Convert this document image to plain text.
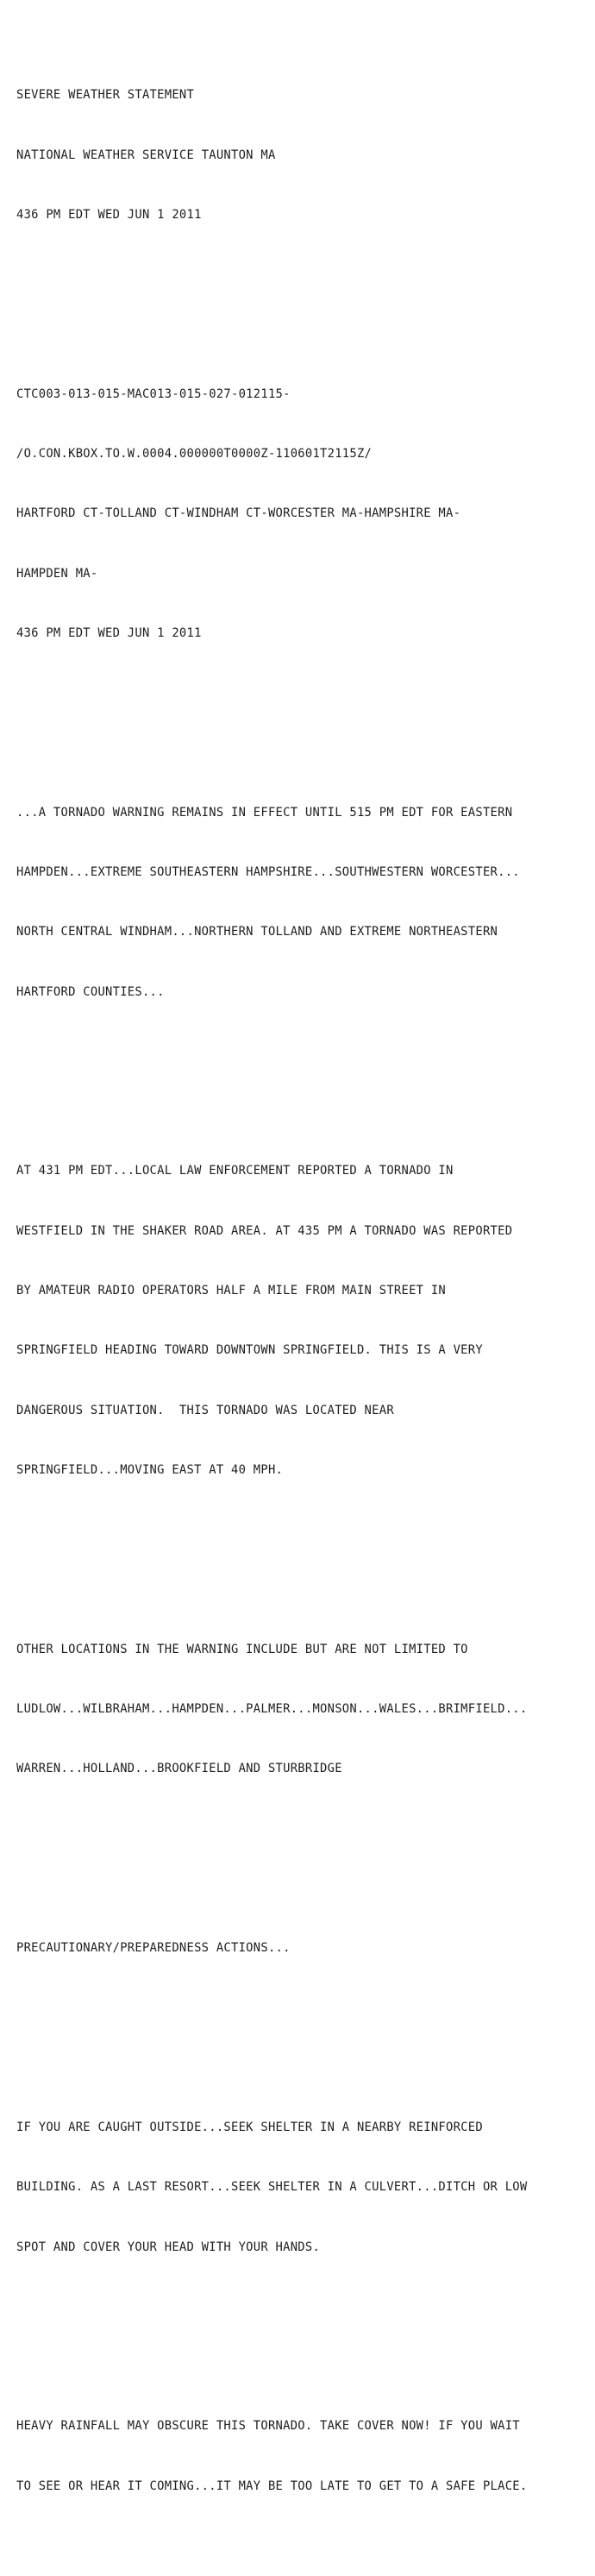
SEVERE WEATHER STATEMENT

NATIONAL WEATHER SERVICE TAUNTON MA

436 PM EDT WED JUN 1 2011

CTC003-013-015-MAC013-015-027-012115-

/O.CON.KBOX.TO.W.0004.000000T0000Z-110601T2115Z/

HARTFORD CT-TOLLAND CT-WINDHAM CT-WORCESTER MA-HAMPSHIRE MA-

HAMPDEN MA-

436 PM EDT WED JUN 1 2011

...A TORNADO WARNING REMAINS IN EFFECT UNTIL 515 PM EDT FOR EASTERN

HAMPDEN...EXTREME SOUTHEASTERN HAMPSHIRE...SOUTHWESTERN WORCESTER...

NORTH CENTRAL WINDHAM...NORTHERN TOLLAND AND EXTREME NORTHEASTERN

HARTFORD COUNTIES...

AT 431 PM EDT...LOCAL LAW ENFORCEMENT REPORTED A TORNADO IN

WESTFIELD IN THE SHAKER ROAD AREA. AT 435 PM A TORNADO WAS REPORTED

BY AMATEUR RADIO OPERATORS HALF A MILE FROM MAIN STREET IN

SPRINGFIELD HEADING TOWARD DOWNTOWN SPRINGFIELD. THIS IS A VERY

DANGEROUS SITUATION.  THIS TORNADO WAS LOCATED NEAR

SPRINGFIELD...MOVING EAST AT 40 MPH.

OTHER LOCATIONS IN THE WARNING INCLUDE BUT ARE NOT LIMITED TO

LUDLOW...WILBRAHAM...HAMPDEN...PALMER...MONSON...WALES...BRIMFIELD...

WARREN...HOLLAND...BROOKFIELD AND STURBRIDGE

PRECAUTIONARY/PREPAREDNESS ACTIONS...

IF YOU ARE CAUGHT OUTSIDE...SEEK SHELTER IN A NEARBY REINFORCED

BUILDING. AS A LAST RESORT...SEEK SHELTER IN A CULVERT...DITCH OR LOW

SPOT AND COVER YOUR HEAD WITH YOUR HANDS.

HEAVY RAINFALL MAY OBSCURE THIS TORNADO. TAKE COVER NOW! IF YOU WAIT

TO SEE OR HEAR IT COMING...IT MAY BE TOO LATE TO GET TO A SAFE PLACE.
